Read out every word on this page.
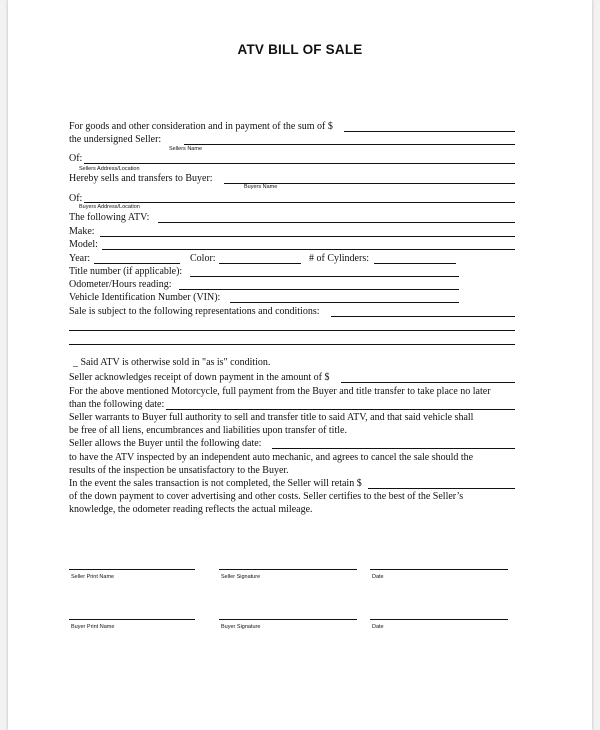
ATV BILL OF SALE
For goods and other consideration and in payment of the sum of $
the undersigned Seller:
Sellers Name
Of:
Sellers Address/Location
Hereby sells and transfers to Buyer:
Buyers Name
Buyers Address/Location
Of:
The following ATV:
Make:
Model:
Year:	Color:	# of Cylinders:
Title number (if applicable):
Odometer/Hours reading:
Vehicle Identification Number (VIN):
Sale is subject to the following representations and conditions:
_ Said ATV is otherwise sold in "as is" condition.
Seller acknowledges receipt of down payment in the amount of $
For the above mentioned Motorcycle, full payment from the Buyer and title transfer to take place no later
than the following date:
Seller warrants to Buyer full authority to sell and transfer title to said ATV, and that said vehicle shall
be free of all liens, encumbrances and liabilities upon transfer of title.
Seller allows the Buyer until the following date:
to have the ATV inspected by an independent auto mechanic, and agrees to cancel the sale should the
results of the inspection be unsatisfactory to the Buyer.
In the event the sales transaction is not completed, the Seller will retain $
of the down payment to cover advertising and other costs. Seller certifies to the best of the Seller’s
knowledge, the odometer reading reflects the actual mileage.
Seller Print Name	Seller Signature	Date
Buyer Print Name	Buyer Signature	Date
